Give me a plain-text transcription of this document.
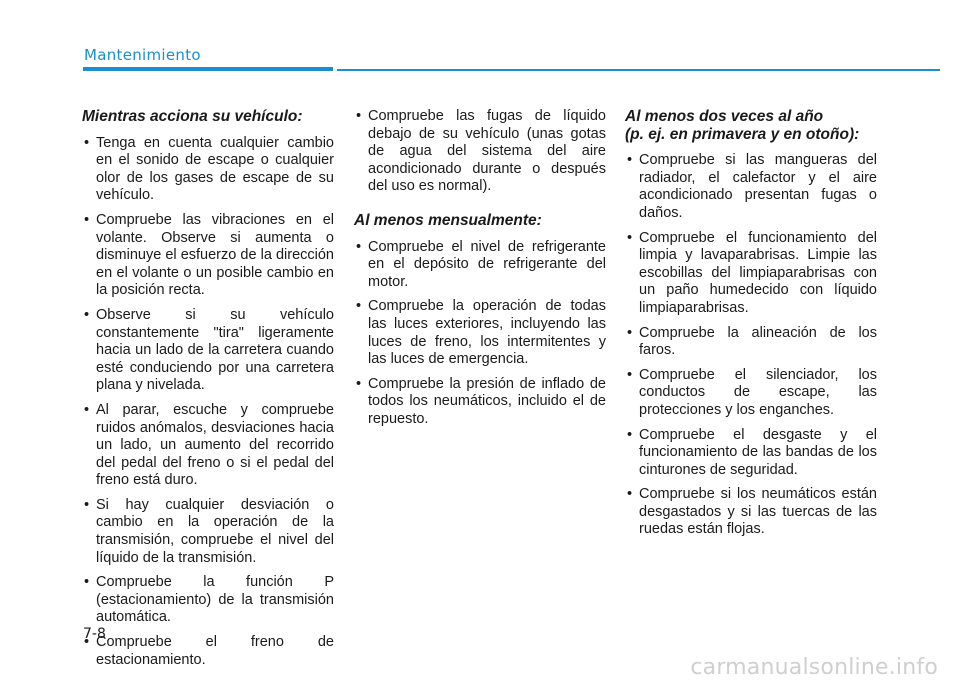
Mantenimiento
Mientras acciona su vehículo:
• Tenga en cuenta cualquier cambio en el sonido de escape o cualquier olor de los gases de escape de su vehículo.
• Compruebe las vibraciones en el volante. Observe si aumenta o disminuye el esfuerzo de la dirección en el volante o un posible cambio en la posición recta.
• Observe si su vehículo constantemente "tira" ligeramente hacia un lado de la carretera cuando esté conduciendo por una carretera plana y nivelada.
• Al parar, escuche y compruebe ruidos anómalos, desviaciones hacia un lado, un aumento del recorrido del pedal del freno o si el pedal del freno está duro.
• Si hay cualquier desviación o cambio en la operación de la transmisión, compruebe el nivel del líquido de la transmisión.
• Compruebe la función P (estacionamiento) de la transmisión automática.
• Compruebe el freno de estacionamiento.
• Compruebe las fugas de líquido debajo de su vehículo (unas gotas de agua del sistema del aire acondicionado durante o después del uso es normal).
Al menos mensualmente:
• Compruebe el nivel de refrigerante en el depósito de refrigerante del motor.
• Compruebe la operación de todas las luces exteriores, incluyendo las luces de freno, los intermitentes y las luces de emergencia.
• Compruebe la presión de inflado de todos los neumáticos, incluido el de repuesto.
Al menos dos veces al año
(p. ej. en primavera y en otoño):
• Compruebe si las mangueras del radiador, el calefactor y el aire acondicionado presentan fugas o daños.
• Compruebe el funcionamiento del limpia y lavaparabrisas. Limpie las escobillas del limpiaparabrisas con un paño humedecido con líquido limpiaparabrisas.
• Compruebe la alineación de los faros.
• Compruebe el silenciador, los conductos de escape, las protecciones y los enganches.
• Compruebe el desgaste y el funcionamiento de las bandas de los cinturones de seguridad.
• Compruebe si los neumáticos están desgastados y si las tuercas de las ruedas están flojas.
7-8
carmanualsonline.info
